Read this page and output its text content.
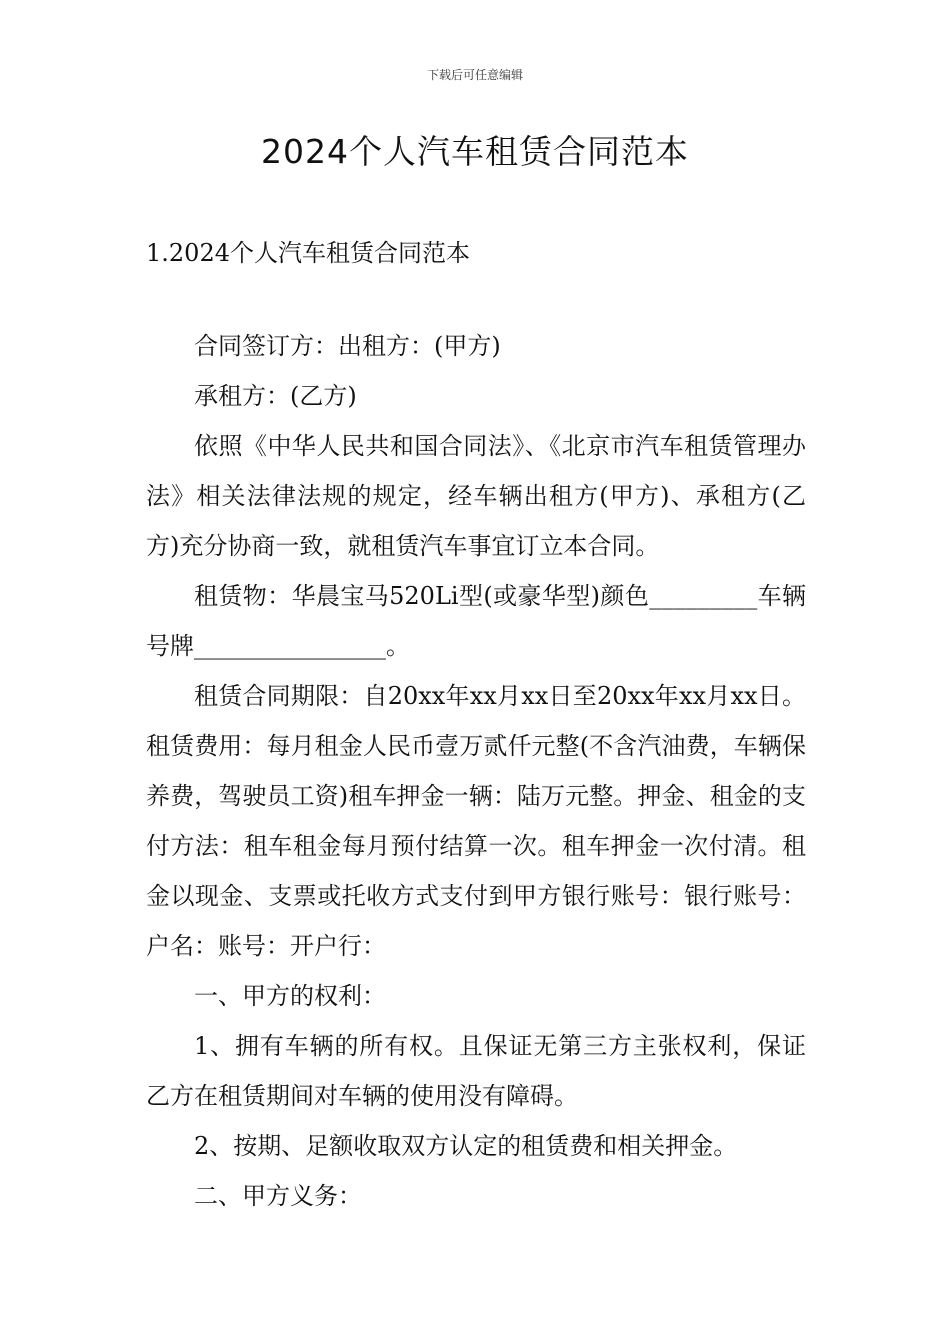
下载后可任意编辑
2024个人汽车租赁合同范本

1.2024个人汽车租赁合同范本

合同签订方：出租方：(甲方)

承租方：(乙方)

依照《中华人民共和国合同法》、《北京市汽车租赁管理办法》相关法律法规的规定，经车辆出租方(甲方)、承租方(乙方)充分协商一致，就租赁汽车事宜订立本合同。

租赁物：华晨宝马520Li型(或豪华型)颜色_________车辆号牌________________。

租赁合同期限：自20xx年xx月xx日至20xx年xx月xx日。租赁费用：每月租金人民币壹万贰仟元整(不含汽油费，车辆保养费，驾驶员工资)租车押金一辆：陆万元整。押金、租金的支付方法：租车租金每月预付结算一次。租车押金一次付清。租金以现金、支票或托收方式支付到甲方银行账号：银行账号：户名：账号：开户行：

一、甲方的权利：

1、拥有车辆的所有权。且保证无第三方主张权利，保证乙方在租赁期间对车辆的使用没有障碍。

2、按期、足额收取双方认定的租赁费和相关押金。

二、甲方义务：
